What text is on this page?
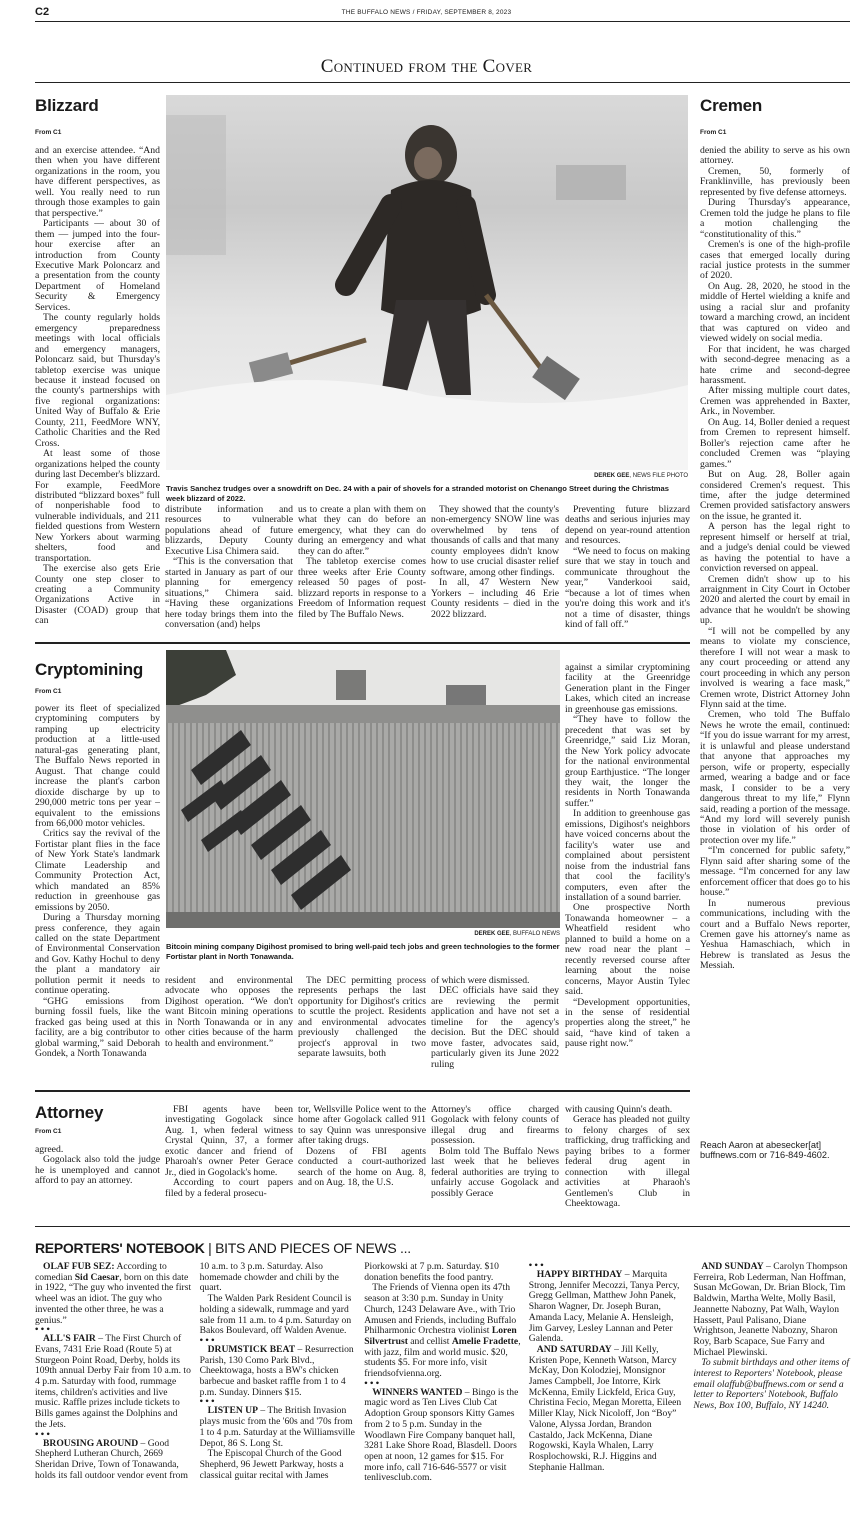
C2	THE BUFFALO NEWS / FRIDAY, SEPTEMBER 8, 2023
Continued from the Cover
Blizzard
From C1

and an exercise attendee. “And then when you have different organizations in the room, you have different perspectives, as well. You really need to run through those examples to gain that perspective.”

Participants — about 30 of them — jumped into the four-hour exercise after an introduction from County Executive Mark Poloncarz and a presentation from the county Department of Homeland Security & Emergency Services.

The county regularly holds emergency preparedness meetings with local officials and emergency managers, Poloncarz said, but Thursday's tabletop exercise was unique because it instead focused on the county's partnerships with five regional organizations: United Way of Buffalo & Erie County, 211, FeedMore WNY, Catholic Charities and the Red Cross.

At least some of those organizations helped the county during last December's blizzard. For example, FeedMore distributed “blizzard boxes” full of nonperishable food to vulnerable individuals, and 211 fielded questions from Western New Yorkers about warming shelters, food and transportation.

The exercise also gets Erie County one step closer to creating a Community Organizations Active in Disaster (COAD) group that can

DEREK GEE, NEWS FILE PHOTO
Travis Sanchez trudges over a snowdrift on Dec. 24 with a pair of shovels for a stranded motorist on Chenango Street during the Christmas week blizzard of 2022.

distribute information and resources to vulnerable populations ahead of future blizzards, Deputy County Executive Lisa Chimera said.

“This is the conversation that started in January as part of our planning for emergency situations,” Chimera said. “Having these organizations here today brings them into the conversation (and) helps

us to create a plan with them on what they can do before an emergency, what they can do during an emergency and what they can do after.”

The tabletop exercise comes three weeks after Erie County released 50 pages of post-blizzard reports in response to a Freedom of Information request filed by The Buffalo News.

They showed that the county's non-emergency SNOW line was overwhelmed by tens of thousands of calls and that many county employees didn't know how to use crucial disaster relief software, among other findings.

In all, 47 Western New Yorkers – including 46 Erie County residents – died in the 2022 blizzard.

Preventing future blizzard deaths and serious injuries may depend on year-round attention and resources.

“We need to focus on making sure that we stay in touch and communicate throughout the year,” Vanderkooi said, “because a lot of times when you're doing this work and it's not a time of disaster, things kind of fall off.”

Cremen
From C1

denied the ability to serve as his own attorney.

Cremen, 50, formerly of Franklinville, has previously been represented by five defense attorneys.

During Thursday's appearance, Cremen told the judge he plans to file a motion challenging the “constitutionality of this.”

Cremen's is one of the high-profile cases that emerged locally during racial justice protests in the summer of 2020.

On Aug. 28, 2020, he stood in the middle of Hertel wielding a knife and using a racial slur and profanity toward a marching crowd, an incident that was captured on video and viewed widely on social media.

For that incident, he was charged with second-degree menacing as a hate crime and second-degree harassment.

After missing multiple court dates, Cremen was apprehended in Baxter, Ark., in November.

On Aug. 14, Boller denied a request from Cremen to represent himself. Boller's rejection came after he concluded Cremen was “playing games.”

But on Aug. 28, Boller again considered Cremen's request. This time, after the judge determined Cremen provided satisfactory answers on the issue, he granted it.

A person has the legal right to represent himself or herself at trial, and a judge's denial could be viewed as having the potential to have a conviction reversed on appeal.

Cremen didn't show up to his arraignment in City Court in October 2020 and alerted the court by email in advance that he wouldn't be showing up.

“I will not be compelled by any means to violate my conscience, therefore I will not wear a mask to any court proceeding or attend any court proceeding in which any person involved is wearing a face mask,” Cremen wrote, District Attorney John Flynn said at the time.

Cremen, who told The Buffalo News he wrote the email, continued: “If you do issue warrant for my arrest, it is unlawful and please understand that anyone that approaches my person, wife or property, especially armed, wearing a badge and or face mask, I consider to be a very dangerous threat to my life,” Flynn said, reading a portion of the message. “And my lord will severely punish those in violation of his order of protection over my life.”

“I'm concerned for public safety,” Flynn said after sharing some of the message. “I'm concerned for any law enforcement officer that does go to his house.”

In numerous previous communications, including with the court and a Buffalo News reporter, Cremen gave his attorney's name as Yeshua Hamaschiach, which in Hebrew is translated as Jesus the Messiah.

Reach Aaron at abesecker[at] buffnews.com or 716-849-4602.
Cryptomining
From C1

power its fleet of specialized cryptomining computers by ramping up electricity production at a little-used natural-gas generating plant, The Buffalo News reported in August. That change could increase the plant's carbon dioxide discharge by up to 290,000 metric tons per year – equivalent to the emissions from 66,000 motor vehicles.

Critics say the revival of the Fortistar plant flies in the face of New York State's landmark Climate Leadership and Community Protection Act, which mandated an 85% reduction in greenhouse gas emissions by 2050.

During a Thursday morning press conference, they again called on the state Department of Environmental Conservation and Gov. Kathy Hochul to deny the plant a mandatory air pollution permit it needs to continue operating.

“GHG emissions from burning fossil fuels, like the fracked gas being used at this facility, are a big contributor to global warming,” said Deborah Gondek, a North Tonawanda

DEREK GEE, BUFFALO NEWS
Bitcoin mining company Digihost promised to bring well-paid tech jobs and green technologies to the former Fortistar plant in North Tonawanda.

resident and environmental advocate who opposes the Digihost operation. “We don't want Bitcoin mining operations in North Tonawanda or in any other cities because of the harm to health and environment.”

The DEC permitting process represents perhaps the last opportunity for Digihost's critics to scuttle the project. Residents and environmental advocates previously challenged the project's approval in two separate lawsuits, both

of which were dismissed.

DEC officials have said they are reviewing the permit application and have not set a timeline for the agency's decision. But the DEC should move faster, advocates said, particularly given its June 2022 ruling

against a similar cryptomining facility at the Greenridge Generation plant in the Finger Lakes, which cited an increase in greenhouse gas emissions.

“They have to follow the precedent that was set by Greenridge,” said Liz Moran, the New York policy advocate for the national environmental group Earthjustice. “The longer they wait, the longer the residents in North Tonawanda suffer.”

In addition to greenhouse gas emissions, Digihost's neighbors have voiced concerns about the facility's water use and complained about persistent noise from the industrial fans that cool the facility's computers, even after the installation of a sound barrier.

One prospective North Tonawanda homeowner – a Wheatfield resident who planned to build a home on a new road near the plant – recently reversed course after learning about the noise concerns, Mayor Austin Tylec said.

“Development opportunities, in the sense of residential properties along the street,” he said, “have kind of taken a pause right now.”

Attorney
From C1

agreed.

Gogolack also told the judge he is unemployed and cannot afford to pay an attorney.

FBI agents have been investigating Gogolack since Aug. 1, when federal witness Crystal Quinn, 37, a former exotic dancer and friend of Pharoah's owner Peter Gerace Jr., died in Gogolack's home.

According to court papers filed by a federal prosecu-

tor, Wellsville Police went to the home after Gogolack called 911 to say Quinn was unresponsive after taking drugs.

Dozens of FBI agents conducted a court-authorized search of the home on Aug. 8, and on Aug. 18, the U.S.

Attorney's office charged Gogolack with felony counts of illegal drug and firearms possession.

Bolm told The Buffalo News last week that he believes federal authorities are trying to unfairly accuse Gogolack and possibly Gerace

with causing Quinn's death.

Gerace has pleaded not guilty to felony charges of sex trafficking, drug trafficking and paying bribes to a former federal drug agent in connection with illegal activities at Pharaoh's Gentlemen's Club in Cheektowaga.

REPORTERS' NOTEBOOK | BITS AND PIECES OF NEWS ...

OLAF FUB SEZ: According to comedian Sid Caesar, born on this date in 1922, “The guy who invented the first wheel was an idiot. The guy who invented the other three, he was a genius.”

• • •

ALL'S FAIR – The First Church of Evans, 7431 Erie Road (Route 5) at Sturgeon Point Road, Derby, holds its 109th annual Derby Fair from 10 a.m. to 4 p.m. Saturday with food, rummage items, children's activities and live music. Raffle prizes include tickets to Bills games against the Dolphins and the Jets.

• • •

BROUSING AROUND – Good Shepherd Lutheran Church, 2669 Sheridan Drive, Town of Tonawanda, holds its fall outdoor vendor event from 10 a.m. to 3 p.m. Saturday. Also homemade chowder and chili by the quart.

The Walden Park Resident Council is holding a sidewalk, rummage and yard sale from 11 a.m. to 4 p.m. Saturday on Bakos Boulevard, off Walden Avenue.

• • •

DRUMSTICK BEAT – Resurrection Parish, 130 Como Park Blvd., Cheektowaga, hosts a BW's chicken barbecue and basket raffle from 1 to 4 p.m. Sunday. Dinners $15.

• • •

LISTEN UP – The British Invasion plays music from the '60s and '70s from 1 to 4 p.m. Saturday at the Williamsville Depot, 86 S. Long St.

The Episcopal Church of the Good Shepherd, 96 Jewett Parkway, hosts a classical guitar recital with James Piorkowski at 7 p.m. Saturday. $10 donation benefits the food pantry.

The Friends of Vienna open its 47th season at 3:30 p.m. Sunday in Unity Church, 1243 Delaware Ave., with Trio Amusen and Friends, including Buffalo Philharmonic Orchestra violinist Loren Silvertrust and cellist Amelie Fradette, with jazz, film and world music. $20, students $5. For more info, visit friendsofvienna.org.

• • •

WINNERS WANTED – Bingo is the magic word as Ten Lives Club Cat Adoption Group sponsors Kitty Games from 2 to 5 p.m. Sunday in the Woodlawn Fire Company banquet hall, 3281 Lake Shore Road, Blasdell. Doors open at noon, 12 games for $15. For more info, call 716-646-5577 or visit tenlivesclub.com.

• • •

HAPPY BIRTHDAY – Marquita Strong, Jennifer Mecozzi, Tanya Percy, Gregg Gellman, Matthew John Panek, Sharon Wagner, Dr. Joseph Buran, Amanda Lacy, Melanie A. Hensleigh, Jim Garvey, Lesley Lannan and Peter Galenda.

AND SATURDAY – Jill Kelly, Kristen Pope, Kenneth Watson, Marcy McKay, Don Kolodziej, Monsignor James Campbell, Joe Intorre, Kirk McKenna, Emily Lickfeld, Erica Guy, Christina Fecio, Megan Moretta, Eileen Miller Klay, Nick Nicoloff, Jon “Boy” Valone, Alyssa Jordan, Brandon Castaldo, Jack McKenna, Diane Rogowski, Kayla Whalen, Larry Rosplochowski, R.J. Higgins and Stephanie Hallman.

AND SUNDAY – Carolyn Thompson Ferreira, Rob Lederman, Nan Hoffman, Susan McGowan, Dr. Brian Block, Tim Baldwin, Martha Welte, Molly Basil, Jeannette Nabozny, Pat Walh, Waylon Hassett, Paul Palisano, Diane Wrightson, Jeanette Nabozny, Sharon Roy, Barb Scapace, Sue Farry and Michael Plewinski.

To submit birthdays and other items of interest to Reporters' Notebook, please email olaffub@buffnews.com or send a letter to Reporters' Notebook, Buffalo News, Box 100, Buffalo, NY 14240.
